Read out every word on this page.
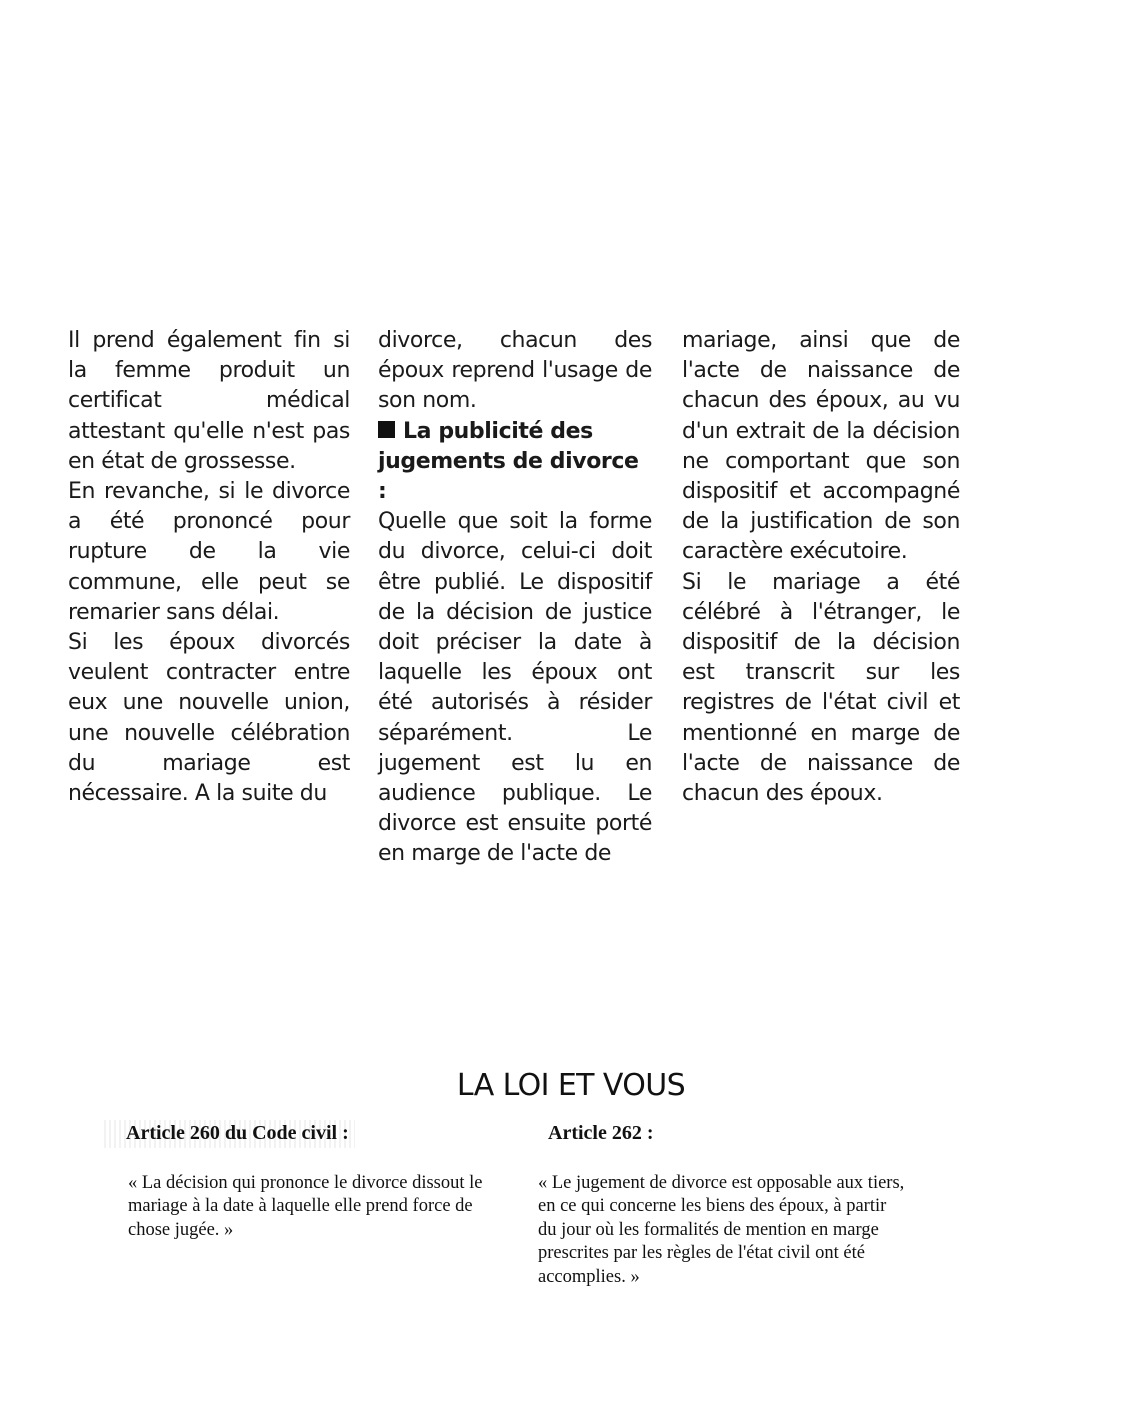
Il prend également fin si la femme produit un certificat médical attestant qu'elle n'est pas en état de grossesse.

En revanche, si le divorce a été prononcé pour rupture de la vie commune, elle peut se remarier sans délai.

Si les époux divorcés veulent contracter entre eux une nouvelle union, une nouvelle célébration du mariage est nécessaire. A la suite du

divorce, chacun des époux reprend l'usage de son nom.

La publicité des jugements de divorce :

Quelle que soit la forme du divorce, celui-ci doit être publié. Le dispositif de la décision de justice doit préciser la date à laquelle les époux ont été autorisés à résider séparément. Le jugement est lu en audience publique. Le divorce est ensuite porté en marge de l'acte de

mariage, ainsi que de l'acte de naissance de chacun des époux, au vu d'un extrait de la décision ne comportant que son dispositif et accompagné de la justification de son caractère exécutoire.

Si le mariage a été célébré à l'étranger, le dispositif de la décision est transcrit sur les registres de l'état civil et mentionné en marge de l'acte de naissance de chacun des époux.

LA LOI ET VOUS
Article 260 du Code civil :

« La décision qui prononce le divorce dissout le mariage à la date à laquelle elle prend force de chose jugée. »

Article 262 :

« Le jugement de divorce est opposable aux tiers, en ce qui concerne les biens des époux, à partir du jour où les formalités de mention en marge prescrites par les règles de l'état civil ont été accomplies. »
